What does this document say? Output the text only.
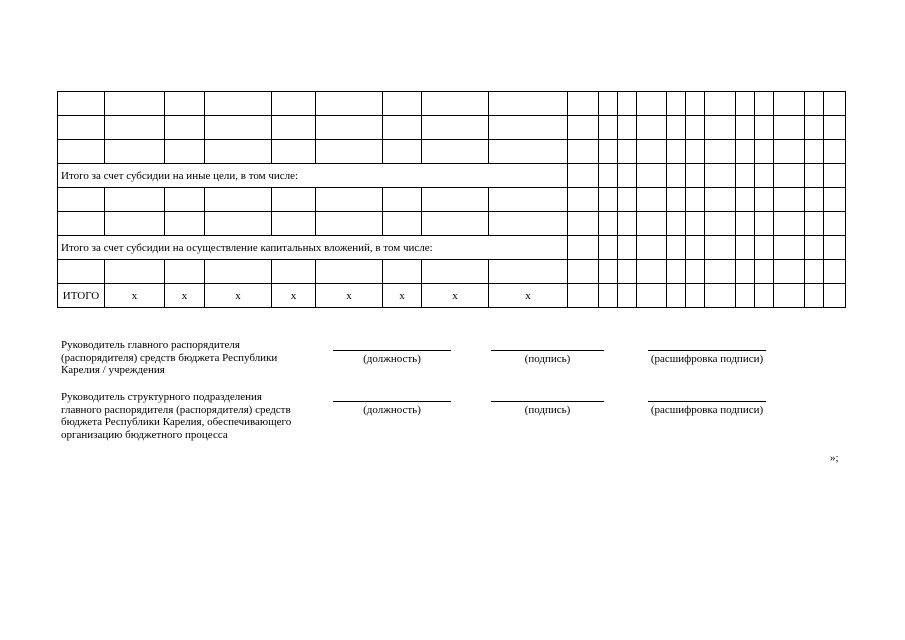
Итого за счет субсидии на иные цели, в том числе:																				

Итого за счет субсидии на осуществление капитальных вложений, в том числе:																				

ИТОГО	х	х	х	х	х	х	х	х												
Руководитель главного распорядителя
(распорядителя) средств бюджета Республики
Карелия / учреждения
(должность)	(подпись)	(расшифровка подписи)
Руководитель структурного подразделения
главного распорядителя (распорядителя) средств
бюджета Республики Карелия, обеспечивающего
организацию бюджетного процесса
(должность)	(подпись)	(расшифровка подписи)
»;
